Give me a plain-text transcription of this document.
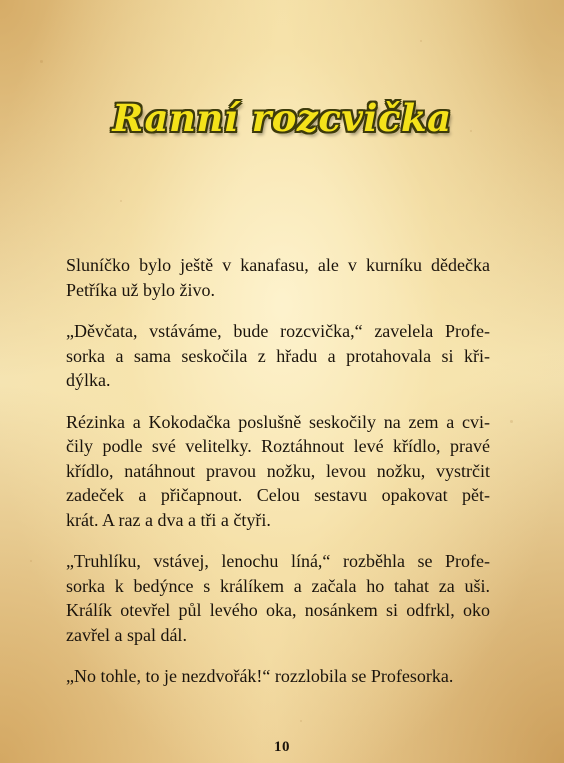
Ranní rozcvička

Sluníčko bylo ještě v kanafasu, ale v kurníku dědečka
Petříka už bylo živo.

„Děvčata, vstáváme, bude rozcvička,“ zavelela Profe-
sorka a sama seskočila z hřadu a protahovala si kři-
dýlka.

Rézinka a Kokodačka poslušně seskočily na zem a cvi-
čily podle své velitelky. Roztáhnout levé křídlo, pravé
křídlo, natáhnout pravou nožku, levou nožku, vystrčit
zadeček a přičapnout. Celou sestavu opakovat pět-
krát. A raz a dva a tři a čtyři.

„Truhlíku, vstávej, lenochu líná,“ rozběhla se Profe-
sorka k bedýnce s králíkem a začala ho tahat za uši.
Králík otevřel půl levého oka, nosánkem si odfrkl, oko
zavřel a spal dál.

„No tohle, to je nezdvořák!“ rozzlobila se Profesorka.

10
